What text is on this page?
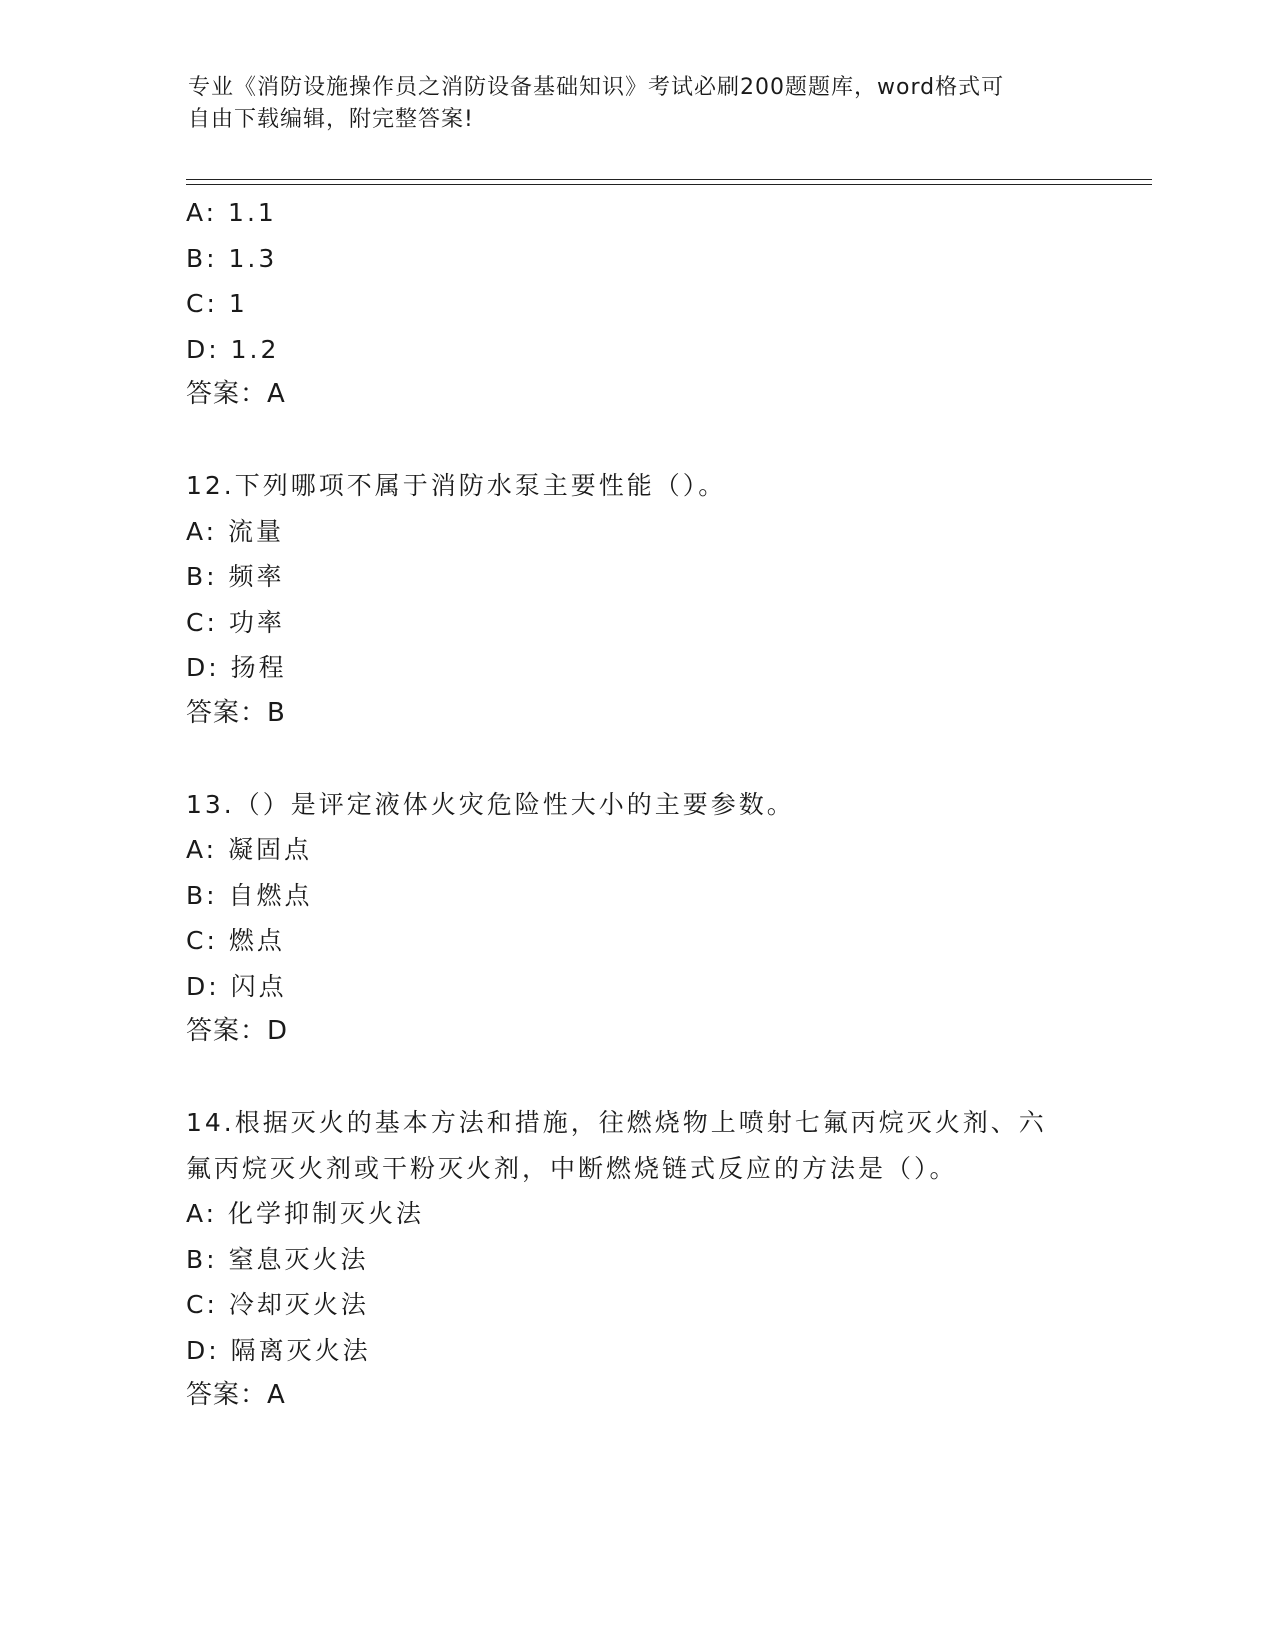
专业《消防设施操作员之消防设备基础知识》考试必刷200题题库，word格式可
自由下载编辑，附完整答案!
A: 1.1
B: 1.3
C: 1
D: 1.2
答案：A
12.下列哪项不属于消防水泵主要性能（）。
A: 流量
B: 频率
C: 功率
D: 扬程
答案：B
13.（）是评定液体火灾危险性大小的主要参数。
A: 凝固点
B: 自燃点
C: 燃点
D: 闪点
答案：D
14.根据灭火的基本方法和措施，往燃烧物上喷射七氟丙烷灭火剂、六
氟丙烷灭火剂或干粉灭火剂，中断燃烧链式反应的方法是（）。
A: 化学抑制灭火法
B: 窒息灭火法
C: 冷却灭火法
D: 隔离灭火法
答案：A
